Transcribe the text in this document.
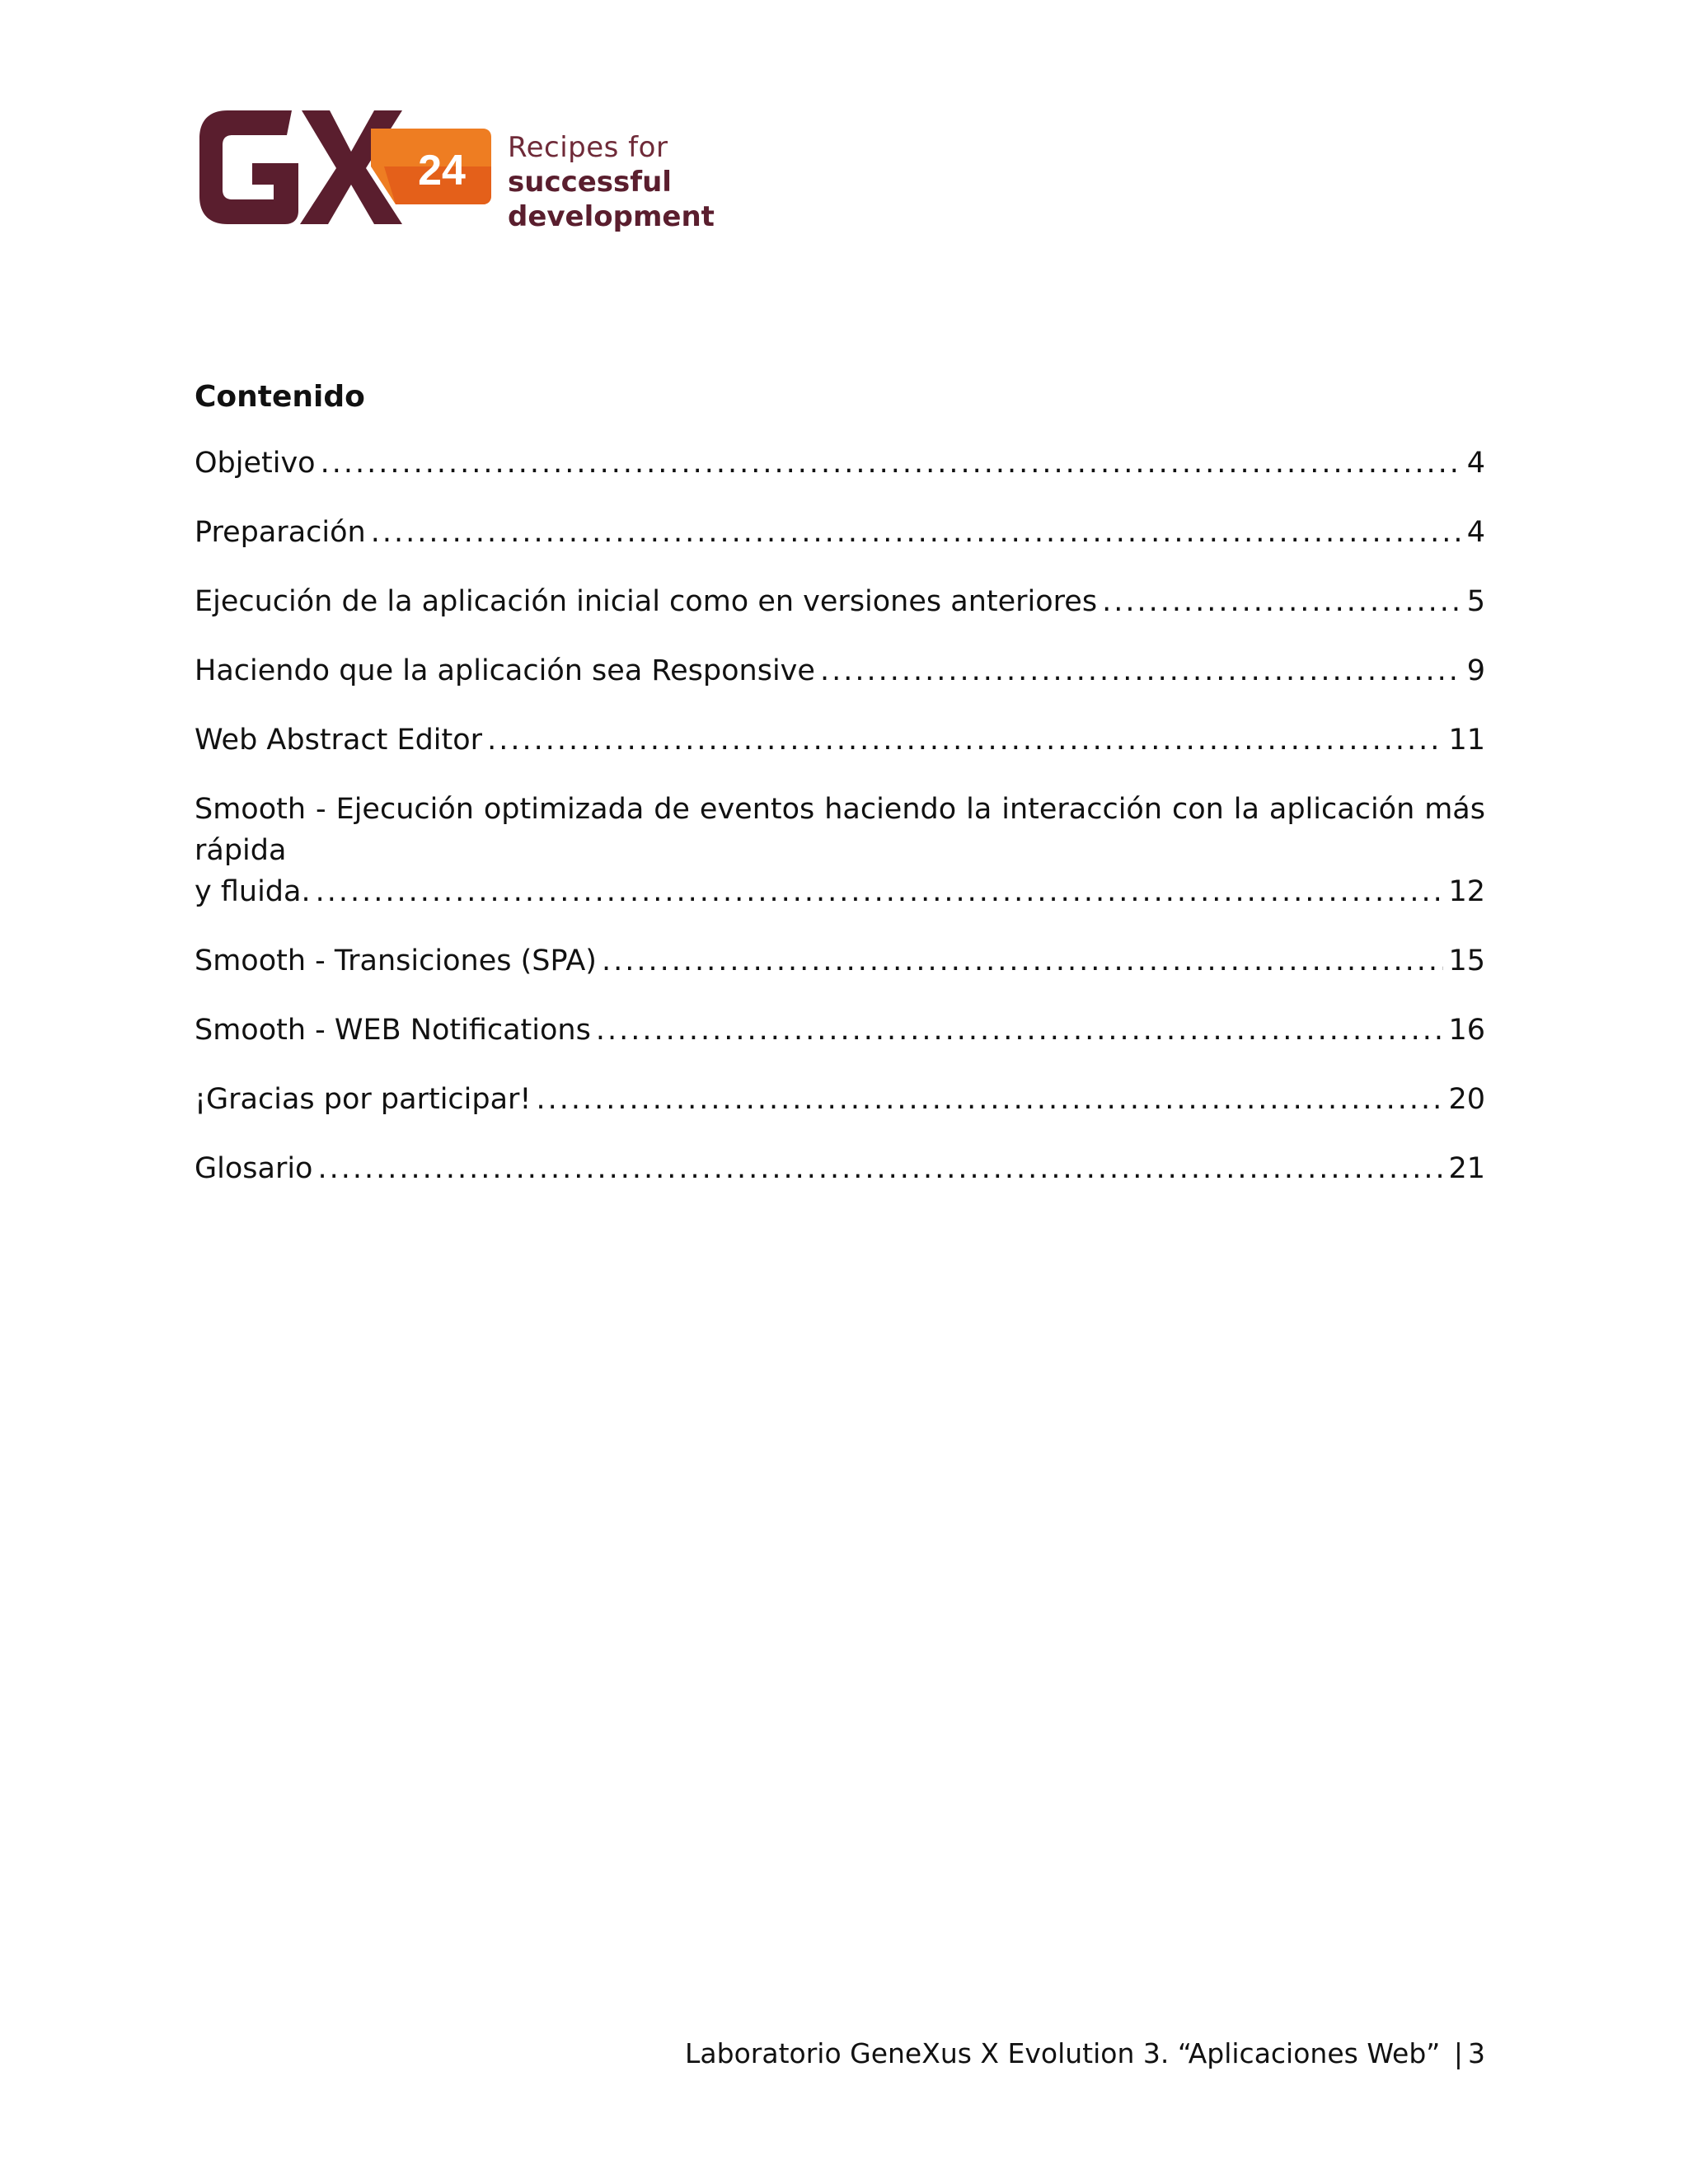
24 Recipes for
successful development
Contenido
Objetivo .....	4
Preparación .....	4
Ejecución de la aplicación inicial como en versiones anteriores .....	5
Haciendo que la aplicación sea Responsive .....	9
Web Abstract Editor .....	11
Smooth - Ejecución optimizada de eventos haciendo la interacción con la aplicación más rápida
y fluida. .....	12
Smooth - Transiciones (SPA) .....	15
Smooth - WEB Notifications .....	16
¡Gracias por participar! .....	20
Glosario .....	21
Laboratorio GeneXus X Evolution 3. “Aplicaciones Web” | 3
